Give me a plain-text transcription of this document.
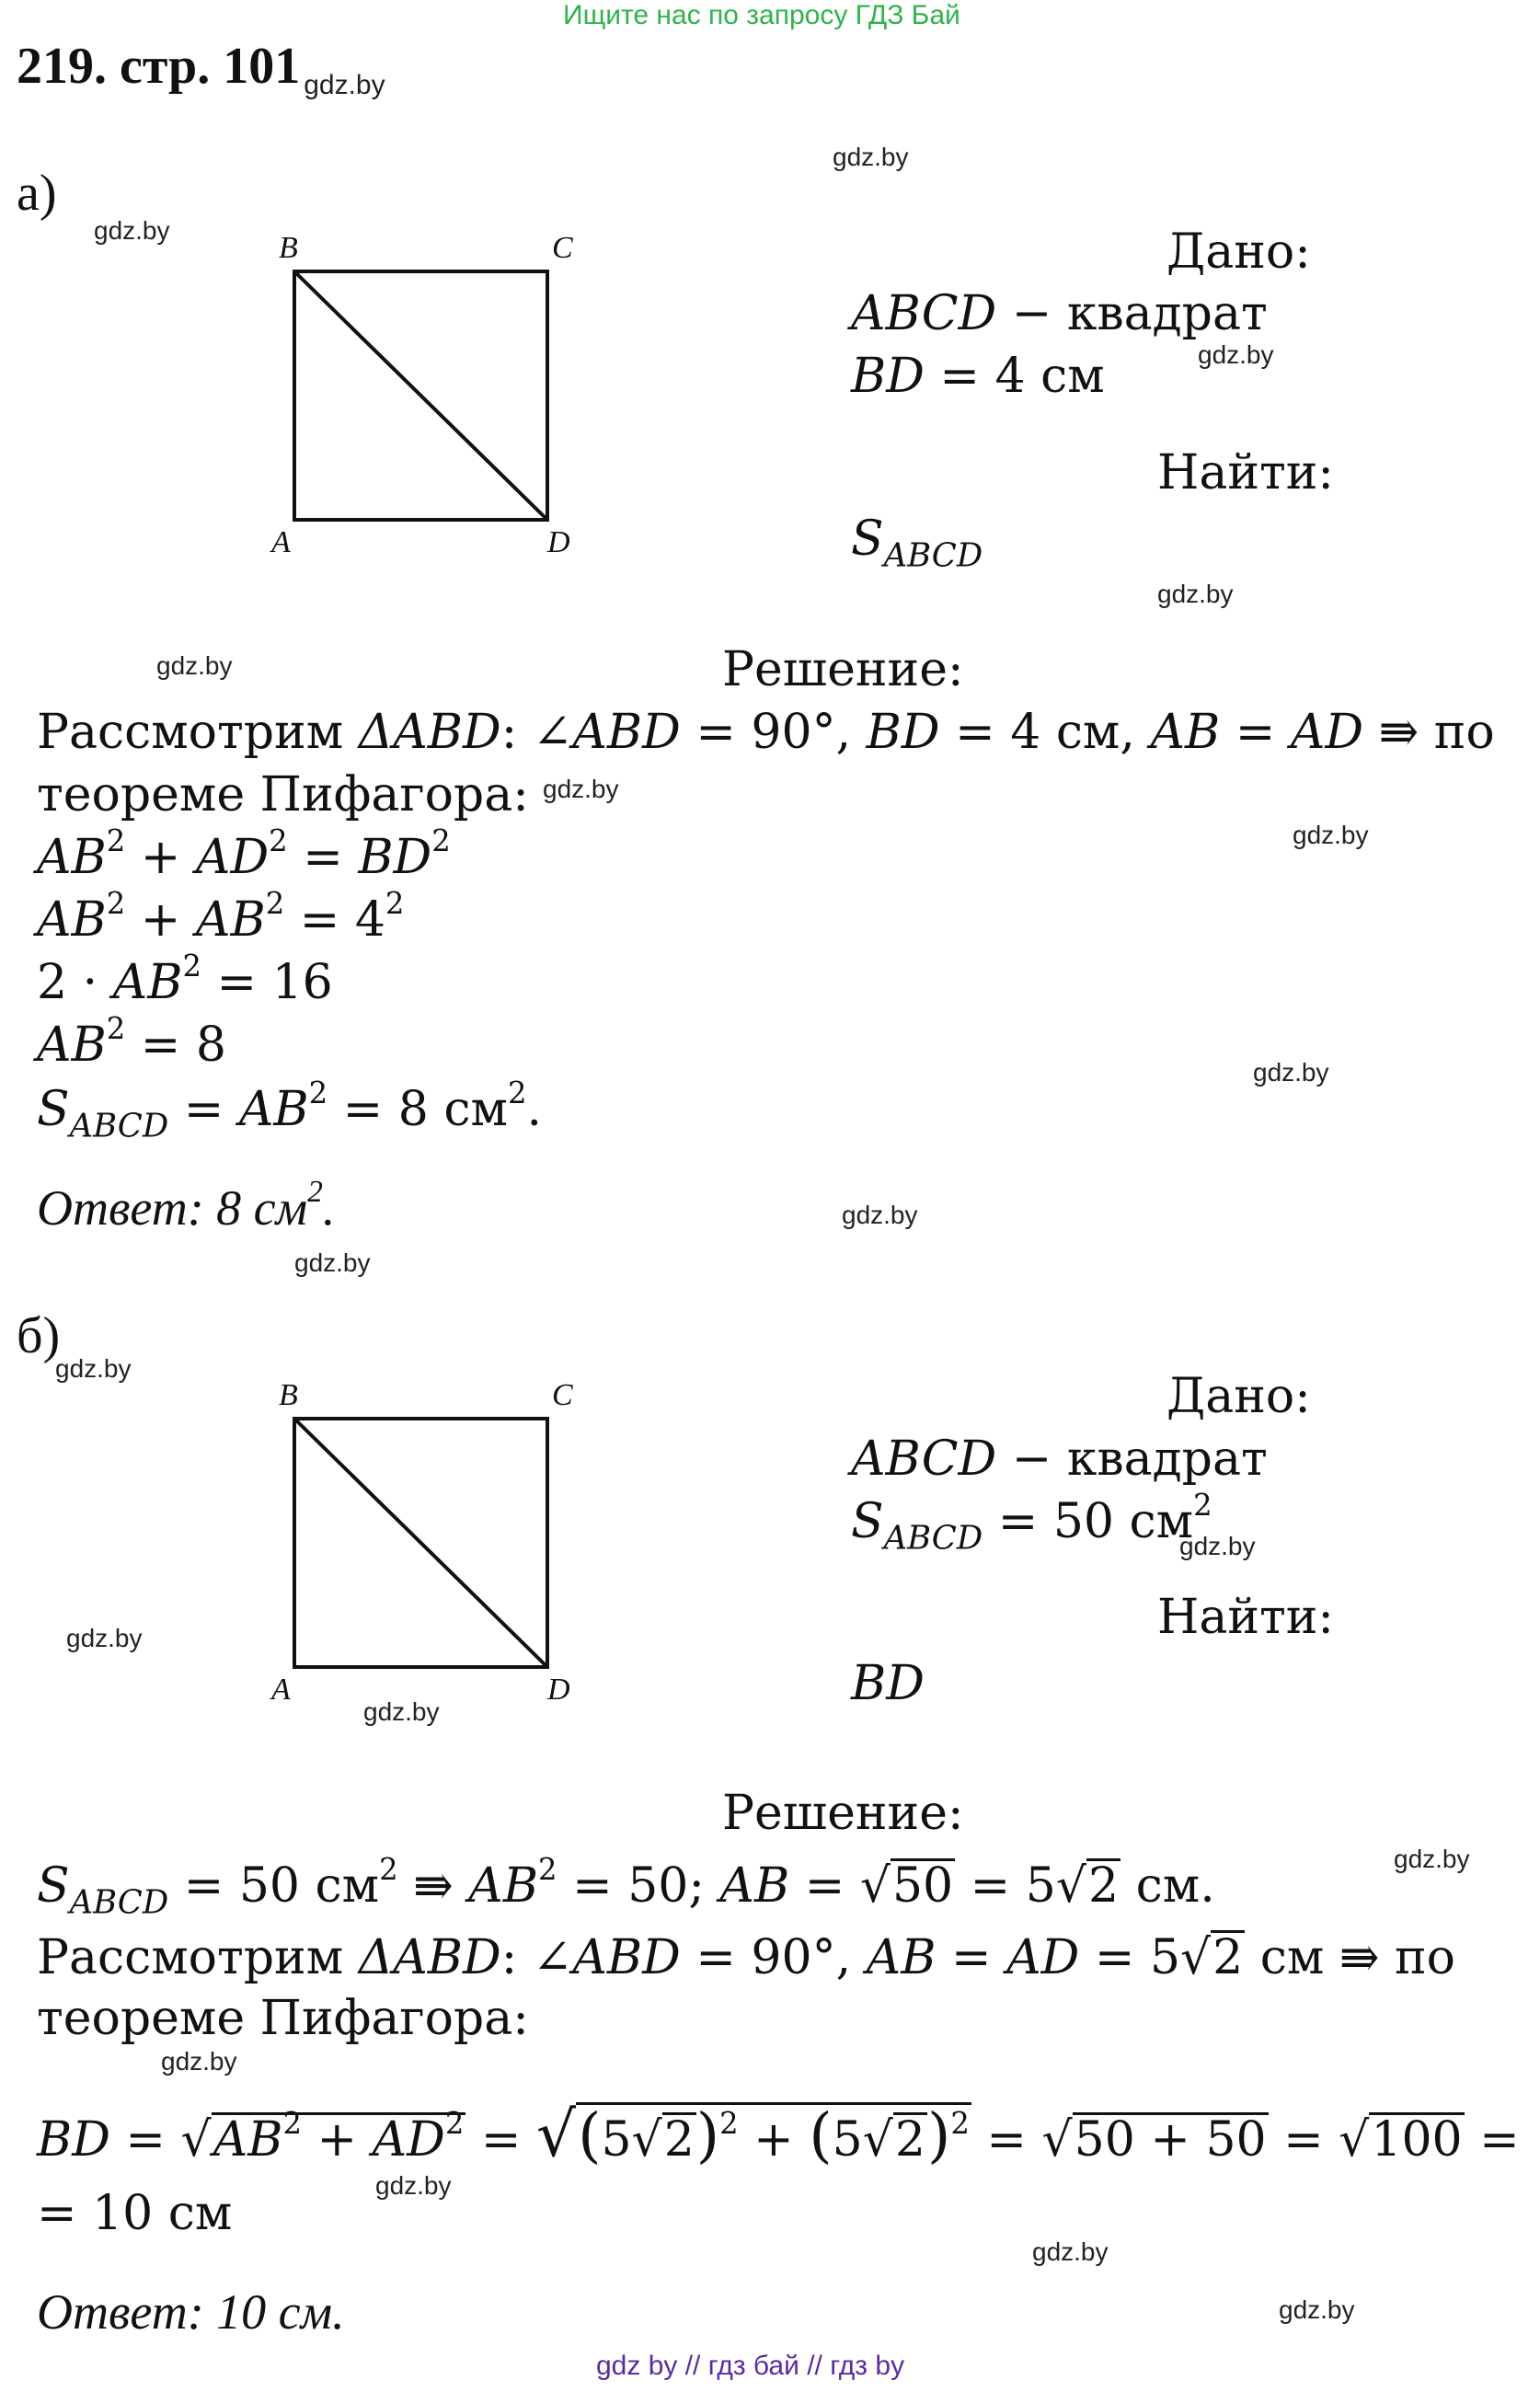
Ищите нас по запросу ГДЗ Бай
219. стр. 101 $_{gdz.by}$
gdz.by
gdz.by
gdz.by
gdz.by
gdz.by
gdz.by
gdz.by
gdz.by
gdz.by
gdz.by
gdz.by
gdz.by
gdz.by
gdz.by
gdz.by
gdz.by
gdz.by
gdz.by
gdz.by
а)
B	C
A	D
Дано:
ABCD − квадрат
BD = 4 см
Найти:
$S_{ABCD}$
Решение:
Рассмотрим ΔABD: ∠ABD = 90°, BD = 4 см, AB = AD ⇛ по
теореме Пифагора:
$AB^2 + AD^2 = BD^2$
$AB^2 + AB^2 = 4^2$
$2 \cdot AB^2 = 16$
$AB^2 = 8$
$S_{ABCD} = AB^2 = 8$ $см^2$.
Ответ: 8 $см^2$.
б)
B	C
A	D
Дано:
ABCD − квадрат
$S_{ABCD} = 50$ $см^2$
Найти:
BD
Решение:
$S_{ABCD} = 50$ $см^2$ ⇛ $AB^2 = 50$; AB = √50 = 5√2 см.
Рассмотрим ΔABD: ∠ABD = 90°, AB = AD = 5√2 см ⇛ по
теореме Пифагора:
BD = $√AB^2 + AD^2 = √(5√2)^2 + (5√2)^2 = √50 + 50 = √100$ =
= 10 см
Ответ: 10 см.
gdz by // гдз бай // гдз by
